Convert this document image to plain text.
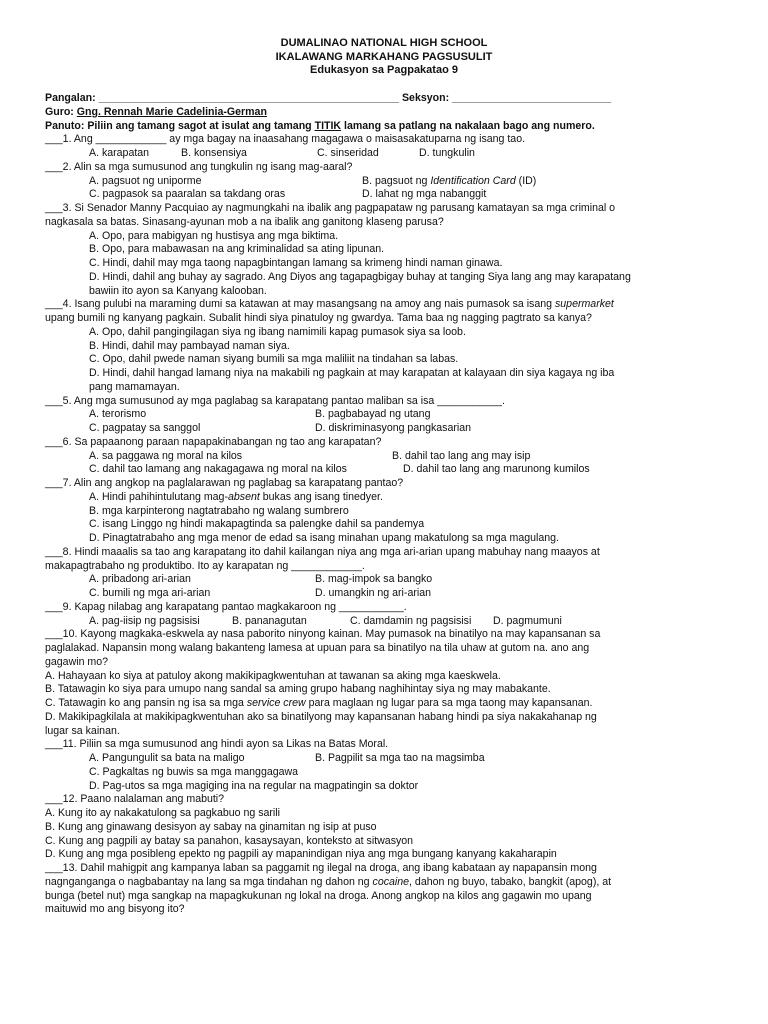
DUMALINAO NATIONAL HIGH SCHOOL
IKALAWANG MARKAHANG PAGSUSULIT
Edukasyon sa Pagpakatao 9
Pangalan: ___________________________________________________ Seksyon: ___________________________
Guro: Gng. Rennah Marie Cadelinia-German
Panuto: Piliin ang tamang sagot at isulat ang tamang TITIK lamang sa patlang na nakalaan bago ang numero.
___1. Ang ____________ ay mga bagay na inaasahang magagawa o maisasakatuparna ng isang tao.
A. karapatan	B. konsensiya	C. sinseridad	D. tungkulin
___2. Alin sa mga sumusunod ang tungkulin ng isang mag-aaral?
A. pagsuot ng uniporme	B. pagsuot ng Identification Card (ID)
C. pagpasok sa paaralan sa takdang oras	D. lahat ng mga nabanggit
___3. Si Senador Manny Pacquiao ay nagmungkahi na ibalik ang pagpapataw ng parusang kamatayan sa mga criminal o
nagkasala sa batas. Sinasang-ayunan mob a na ibalik ang ganitong klaseng parusa?
A. Opo, para mabigyan ng hustisya ang mga biktima.
B. Opo, para mabawasan na ang kriminalidad sa ating lipunan.
C. Hindi, dahil may mga taong napagbintangan lamang sa krimeng hindi naman ginawa.
D. Hindi, dahil ang buhay ay sagrado. Ang Diyos ang tagapagbigay buhay at tanging Siya lang ang may karapatang
bawiin ito ayon sa Kanyang kalooban.
___4. Isang pulubi na maraming dumi sa katawan at may masangsang na amoy ang nais pumasok sa isang supermarket
upang bumili ng kanyang pagkain. Subalit hindi siya pinatuloy ng gwardya. Tama baa ng nagging pagtrato sa kanya?
A. Opo, dahil pangingilagan siya ng ibang namimili kapag pumasok siya sa loob.
B. Hindi, dahil may pambayad naman siya.
C. Opo, dahil pwede naman siyang bumili sa mga maliliit na tindahan sa labas.
D. Hindi, dahil hangad lamang niya na makabili ng pagkain at may karapatan at kalayaan din siya kagaya ng iba
pang mamamayan.
___5. Ang mga sumusunod ay mga paglabag sa karapatang pantao maliban sa isa ___________.
A. terorismo	B. pagbabayad ng utang
C. pagpatay sa sanggol	D. diskriminasyong pangkasarian
___6. Sa papaanong paraan napapakinabangan ng tao ang karapatan?
A. sa paggawa ng moral na kilos	B. dahil tao lang ang may isip
C. dahil tao lamang ang nakagagawa ng moral na kilos	D. dahil tao lang ang marunong kumilos
___7. Alin ang angkop na paglalarawan ng paglabag sa karapatang pantao?
A. Hindi pahihintulutang mag-absent bukas ang isang tinedyer.
B. mga karpinterong nagtatrabaho ng walang sumbrero
C. isang Linggo ng hindi makapagtinda sa palengke dahil sa pandemya
D. Pinagtatrabaho ang mga menor de edad sa isang minahan upang makatulong sa mga magulang.
___8. Hindi maaalis sa tao ang karapatang ito dahil kailangan niya ang mga ari-arian upang mabuhay nang maayos at
makapagtrabaho ng produktibo. Ito ay karapatan ng ____________.
A. pribadong ari-arian	B. mag-impok sa bangko
C. bumili ng mga ari-arian	D. umangkin ng ari-arian
___9. Kapag nilabag ang karapatang pantao magkakaroon ng ___________.
A. pag-iisip ng pagsisisi	B. pananagutan	C. damdamin ng pagsisisi	D. pagmumuni
___10. Kayong magkaka-eskwela ay nasa paborito ninyong kainan. May pumasok na binatilyo na may kapansanan sa
paglalakad. Napansin mong walang bakanteng lamesa at upuan para sa binatilyo na tila uhaw at gutom na. ano ang
gagawin mo?
A. Hahayaan ko siya at patuloy akong makikipagkwentuhan at tawanan sa aking mga kaeskwela.
B. Tatawagin ko siya para umupo nang sandal sa aming grupo habang naghihintay siya ng may mabakante.
C. Tatawagin ko ang pansin ng isa sa mga service crew para maglaan ng lugar para sa mga taong may kapansanan.
D. Makikipagkilala at makikipagkwentuhan ako sa binatilyong may kapansanan habang hindi pa siya nakakahanap ng
lugar sa kainan.
___11. Piliin sa mga sumusunod ang hindi ayon sa Likas na Batas Moral.
A. Pangungulit sa bata na maligo	B. Pagpilit sa mga tao na magsimba
C. Pagkaltas ng buwis sa mga manggagawa
D. Pag-utos sa mga magiging ina na regular na magpatingin sa doktor
___12. Paano nalalaman ang mabuti?
A. Kung ito ay nakakatulong sa pagkabuo ng sarili
B. Kung ang ginawang desisyon ay sabay na ginamitan ng isip at puso
C. Kung ang pagpili ay batay sa panahon, kasaysayan, konteksto at sitwasyon
D. Kung ang mga posibleng epekto ng pagpili ay mapanindigan niya ang mga bungang kanyang kakaharapin
___13. Dahil mahigpit ang kampanya laban sa paggamit ng ilegal na droga, ang ibang kabataan ay napapansin mong
nagnganganga o nagbabantay na lang sa mga tindahan ng dahon ng cocaine, dahon ng buyo, tabako, bangkit (apog), at
bunga (betel nut) mga sangkap na mapagkukunan ng lokal na droga. Anong angkop na kilos ang gagawin mo upang
maituwid mo ang bisyong ito?
